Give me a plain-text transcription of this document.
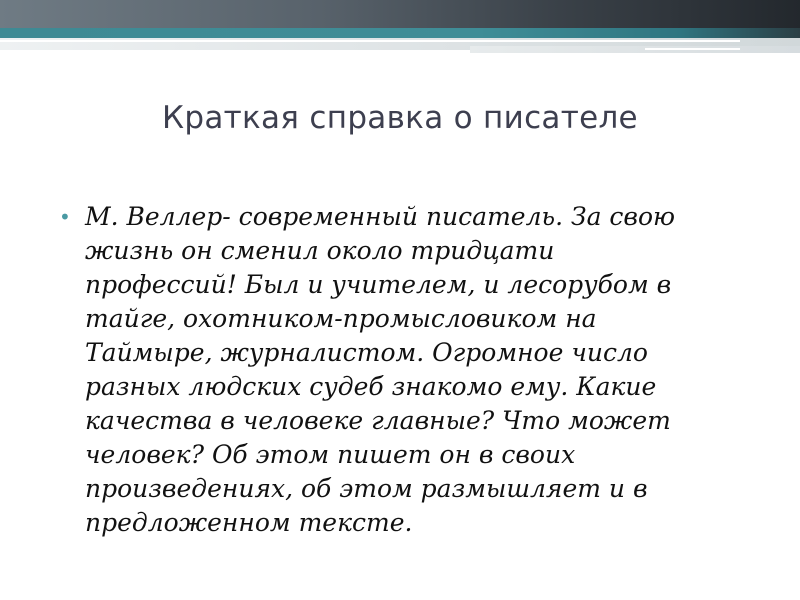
Краткая справка о писателе
• М. Веллер- современный писатель. За свою
жизнь он сменил около тридцати
профессий! Был и учителем, и лесорубом в
тайге, охотником-промысловиком на
Таймыре, журналистом. Огромное число
разных людских судеб знакомо ему. Какие
качества в человеке главные? Что может
человек? Об этом пишет он в своих
произведениях, об этом размышляет и в
предложенном тексте.
